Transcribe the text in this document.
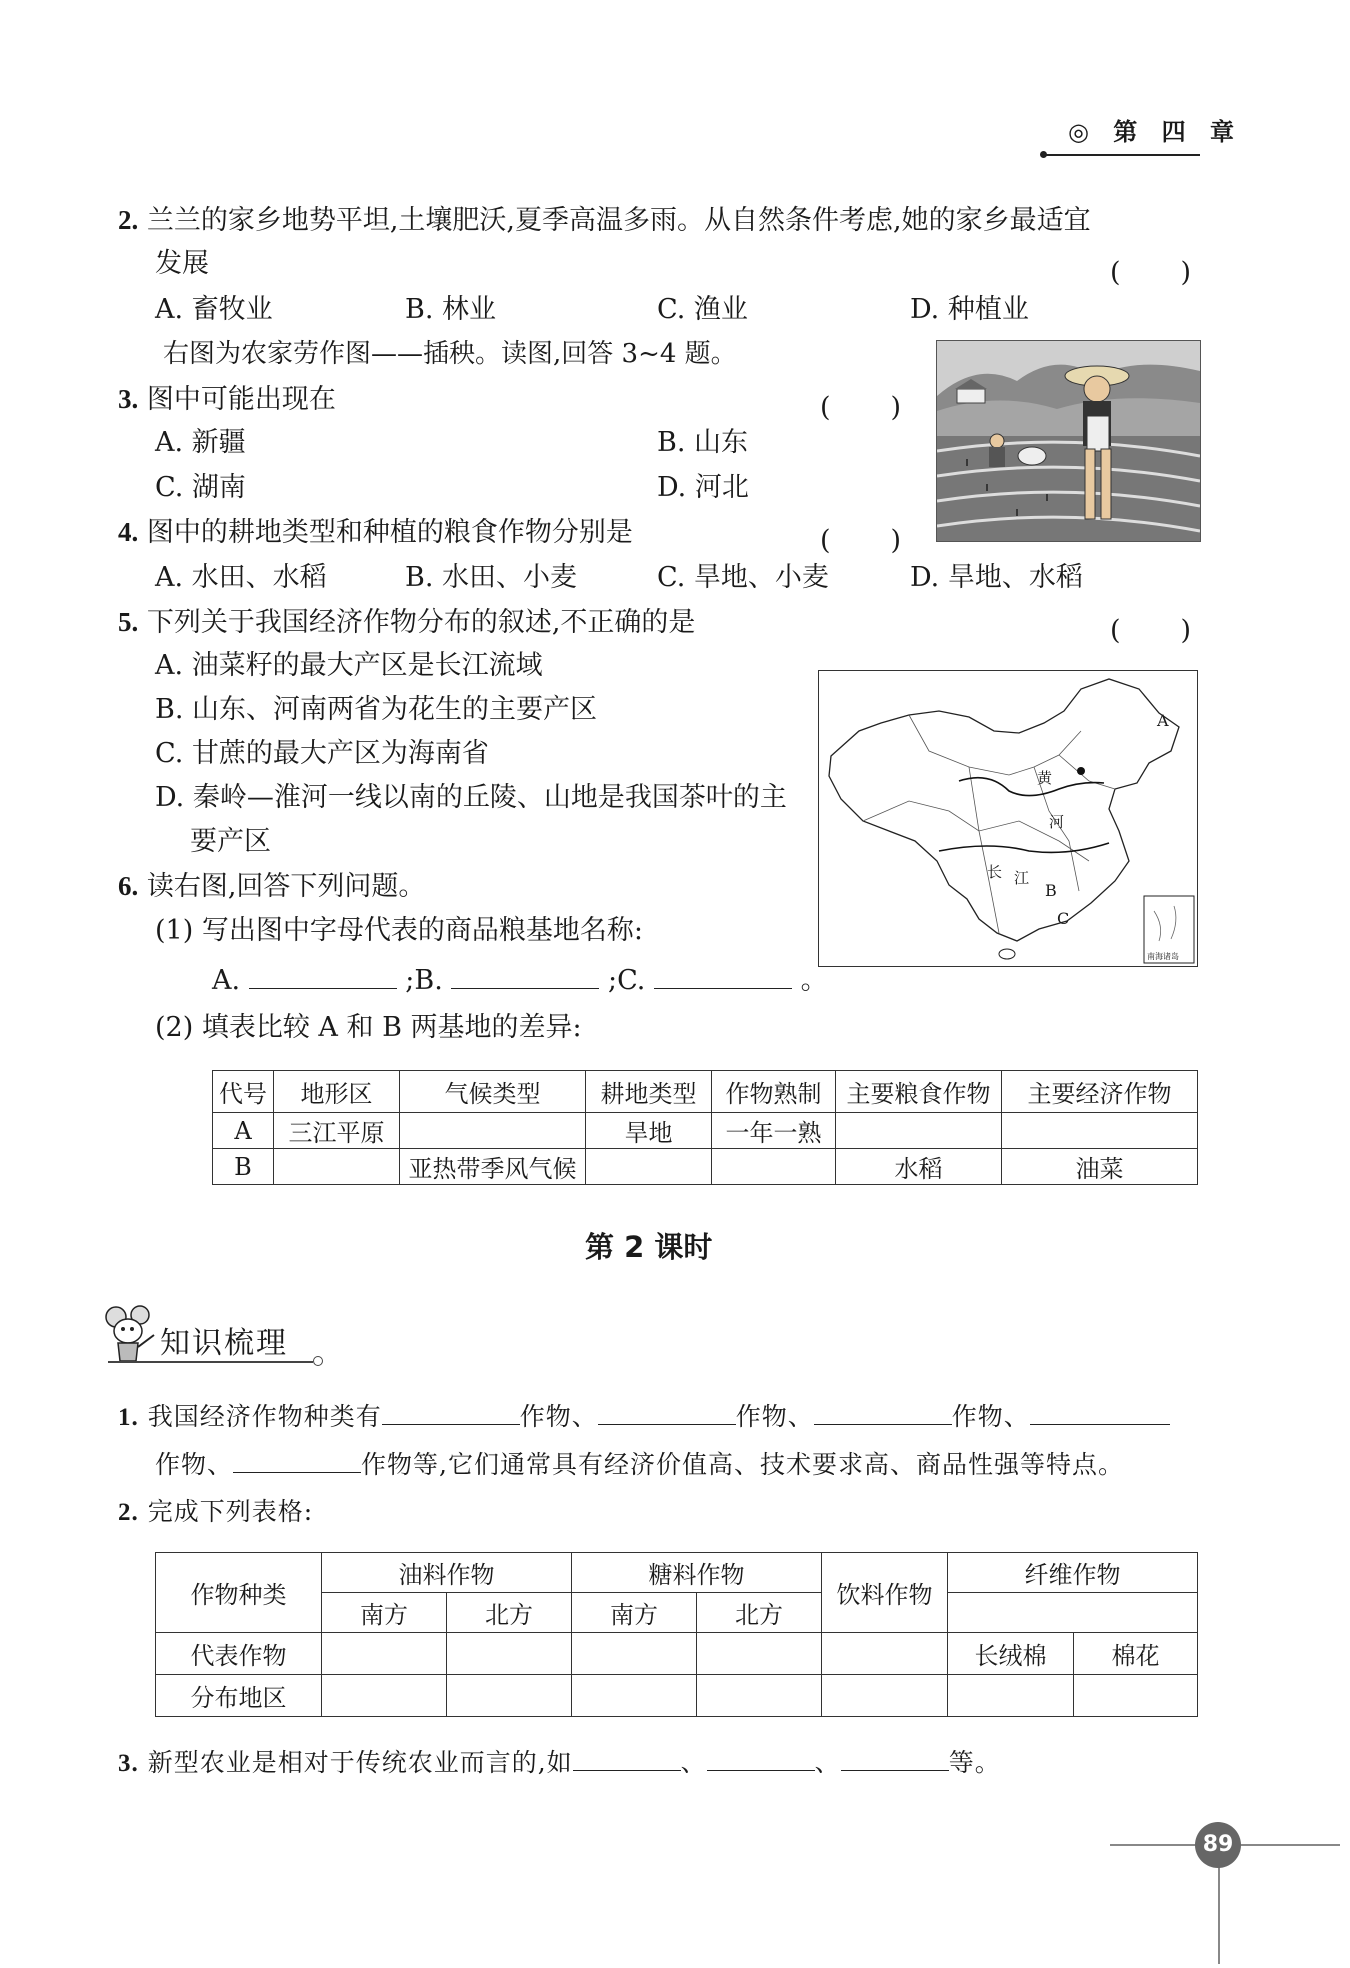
◎ 第 四 章
2. 兰兰的家乡地势平坦,土壤肥沃,夏季高温多雨。从自然条件考虑,她的家乡最适宜
发展	(　　)
A. 畜牧业	B. 林业	C. 渔业	D. 种植业
右图为农家劳作图——插秧。读图,回答 3~4 题。
3. 图中可能出现在	(　　)
A. 新疆	B. 山东
C. 湖南	D. 河北
4. 图中的耕地类型和种植的粮食作物分别是	(　　)
A. 水田、水稻	B. 水田、小麦	C. 旱地、小麦	D. 旱地、水稻
5. 下列关于我国经济作物分布的叙述,不正确的是	(　　)
A. 油菜籽的最大产区是长江流域
B. 山东、河南两省为花生的主要产区
C. 甘蔗的最大产区为海南省
D. 秦岭—淮河一线以南的丘陵、山地是我国茶叶的主
要产区
A
黄
河
长 江
B
C
南海诸岛
6. 读右图,回答下列问题。
(1) 写出图中字母代表的商品粮基地名称:
A.	;B.	;C.	。
(2) 填表比较 A 和 B 两基地的差异:
代号	地形区	气候类型	耕地类型	作物熟制	主要粮食作物	主要经济作物
A	三江平原		旱地	一年一熟		
B		亚热带季风气候			水稻	油菜
第 2 课时
知识梳理
1. 我国经济作物种类有	作物、	作物、	作物、
作物、	作物等,它们通常具有经济价值高、技术要求高、商品性强等特点。
2. 完成下列表格:
作物种类	油料作物		糖料作物		饮料作物	纤维作物	
	南方	北方	南方	北方			
代表作物						长绒棉	棉花
分布地区							
3. 新型农业是相对于传统农业而言的,如	、	、	等。
89
